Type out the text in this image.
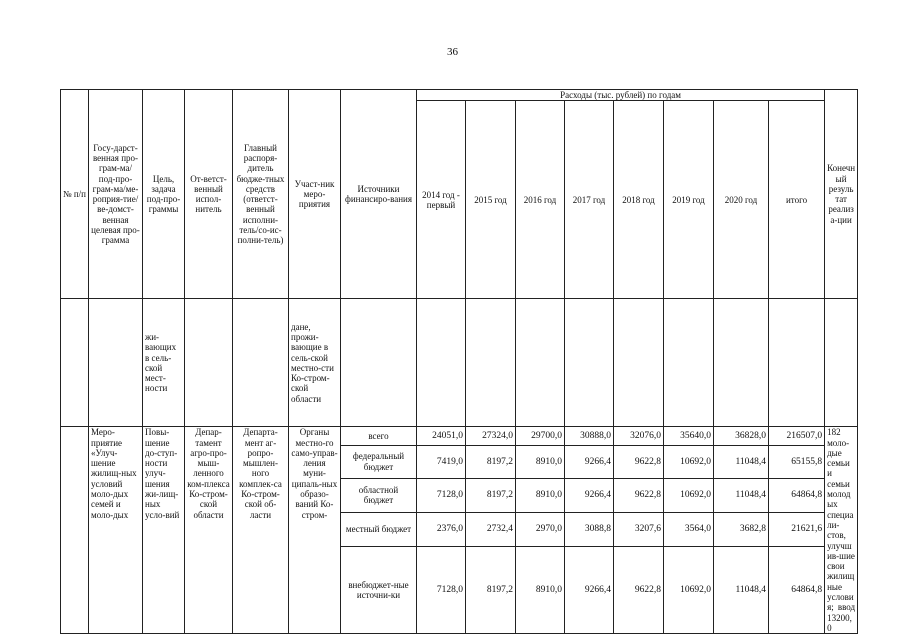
36
№ п/п	Госу-дарст-венная про-грам-ма/под-про-грам-ма/ме-роприя-тие/ве-домст-венная целевая про-грамма	Цель, задача под-про-граммы	От-ветст-венный испол-нитель	Главный распоря-дитель бюдже-тных средств (ответст-венный исполни-тель/со-ис-полни-тель)	Участ-ник меро-приятия	Источники финансиро-вания	Расходы (тыс. рублей) по годам								Конечный результат реализа-ции
							2014 год - первый	2015 год	2016 год	2017 год	2018 год	2019 год	2020 год	итого	
		жи-вающих в сель-ской мест-ности			дане, прожи-вающие в сель-ской местно-сти Ко-стром-ской области										
	Меро-приятие «Улуч-шение жилищ-ных условий моло-дых семей и моло-дых	Повы-шение до-ступ-ности улуч-шения жи-лищ-ных усло-вий	Депар-тамент агро-про-мыш-ленного ком-плекса Ко-стром-ской области	Департа-мент аг-ропро-мышлен-ного комплек-са Ко-стром-ской об-ласти	Органы местно-го само-управ-ления муни-ципаль-ных образо-ваний Ко-стром-	всего	24051,0	27324,0	29700,0	30888,0	32076,0	35640,0	36828,0	216507,0	182 моло-дые семьи и семьи молодых специали-стов, улучшив-шие свои жилищные условия; ввод 13200,0
						федеральный бюджет	7419,0	8197,2	8910,0	9266,4	9622,8	10692,0	11048,4	65155,8	
						областной бюджет	7128,0	8197,2	8910,0	9266,4	9622,8	10692,0	11048,4	64864,8	
						местный бюджет	2376,0	2732,4	2970,0	3088,8	3207,6	3564,0	3682,8	21621,6	
						внебюджет-ные источни-ки	7128,0	8197,2	8910,0	9266,4	9622,8	10692,0	11048,4	64864,8	
